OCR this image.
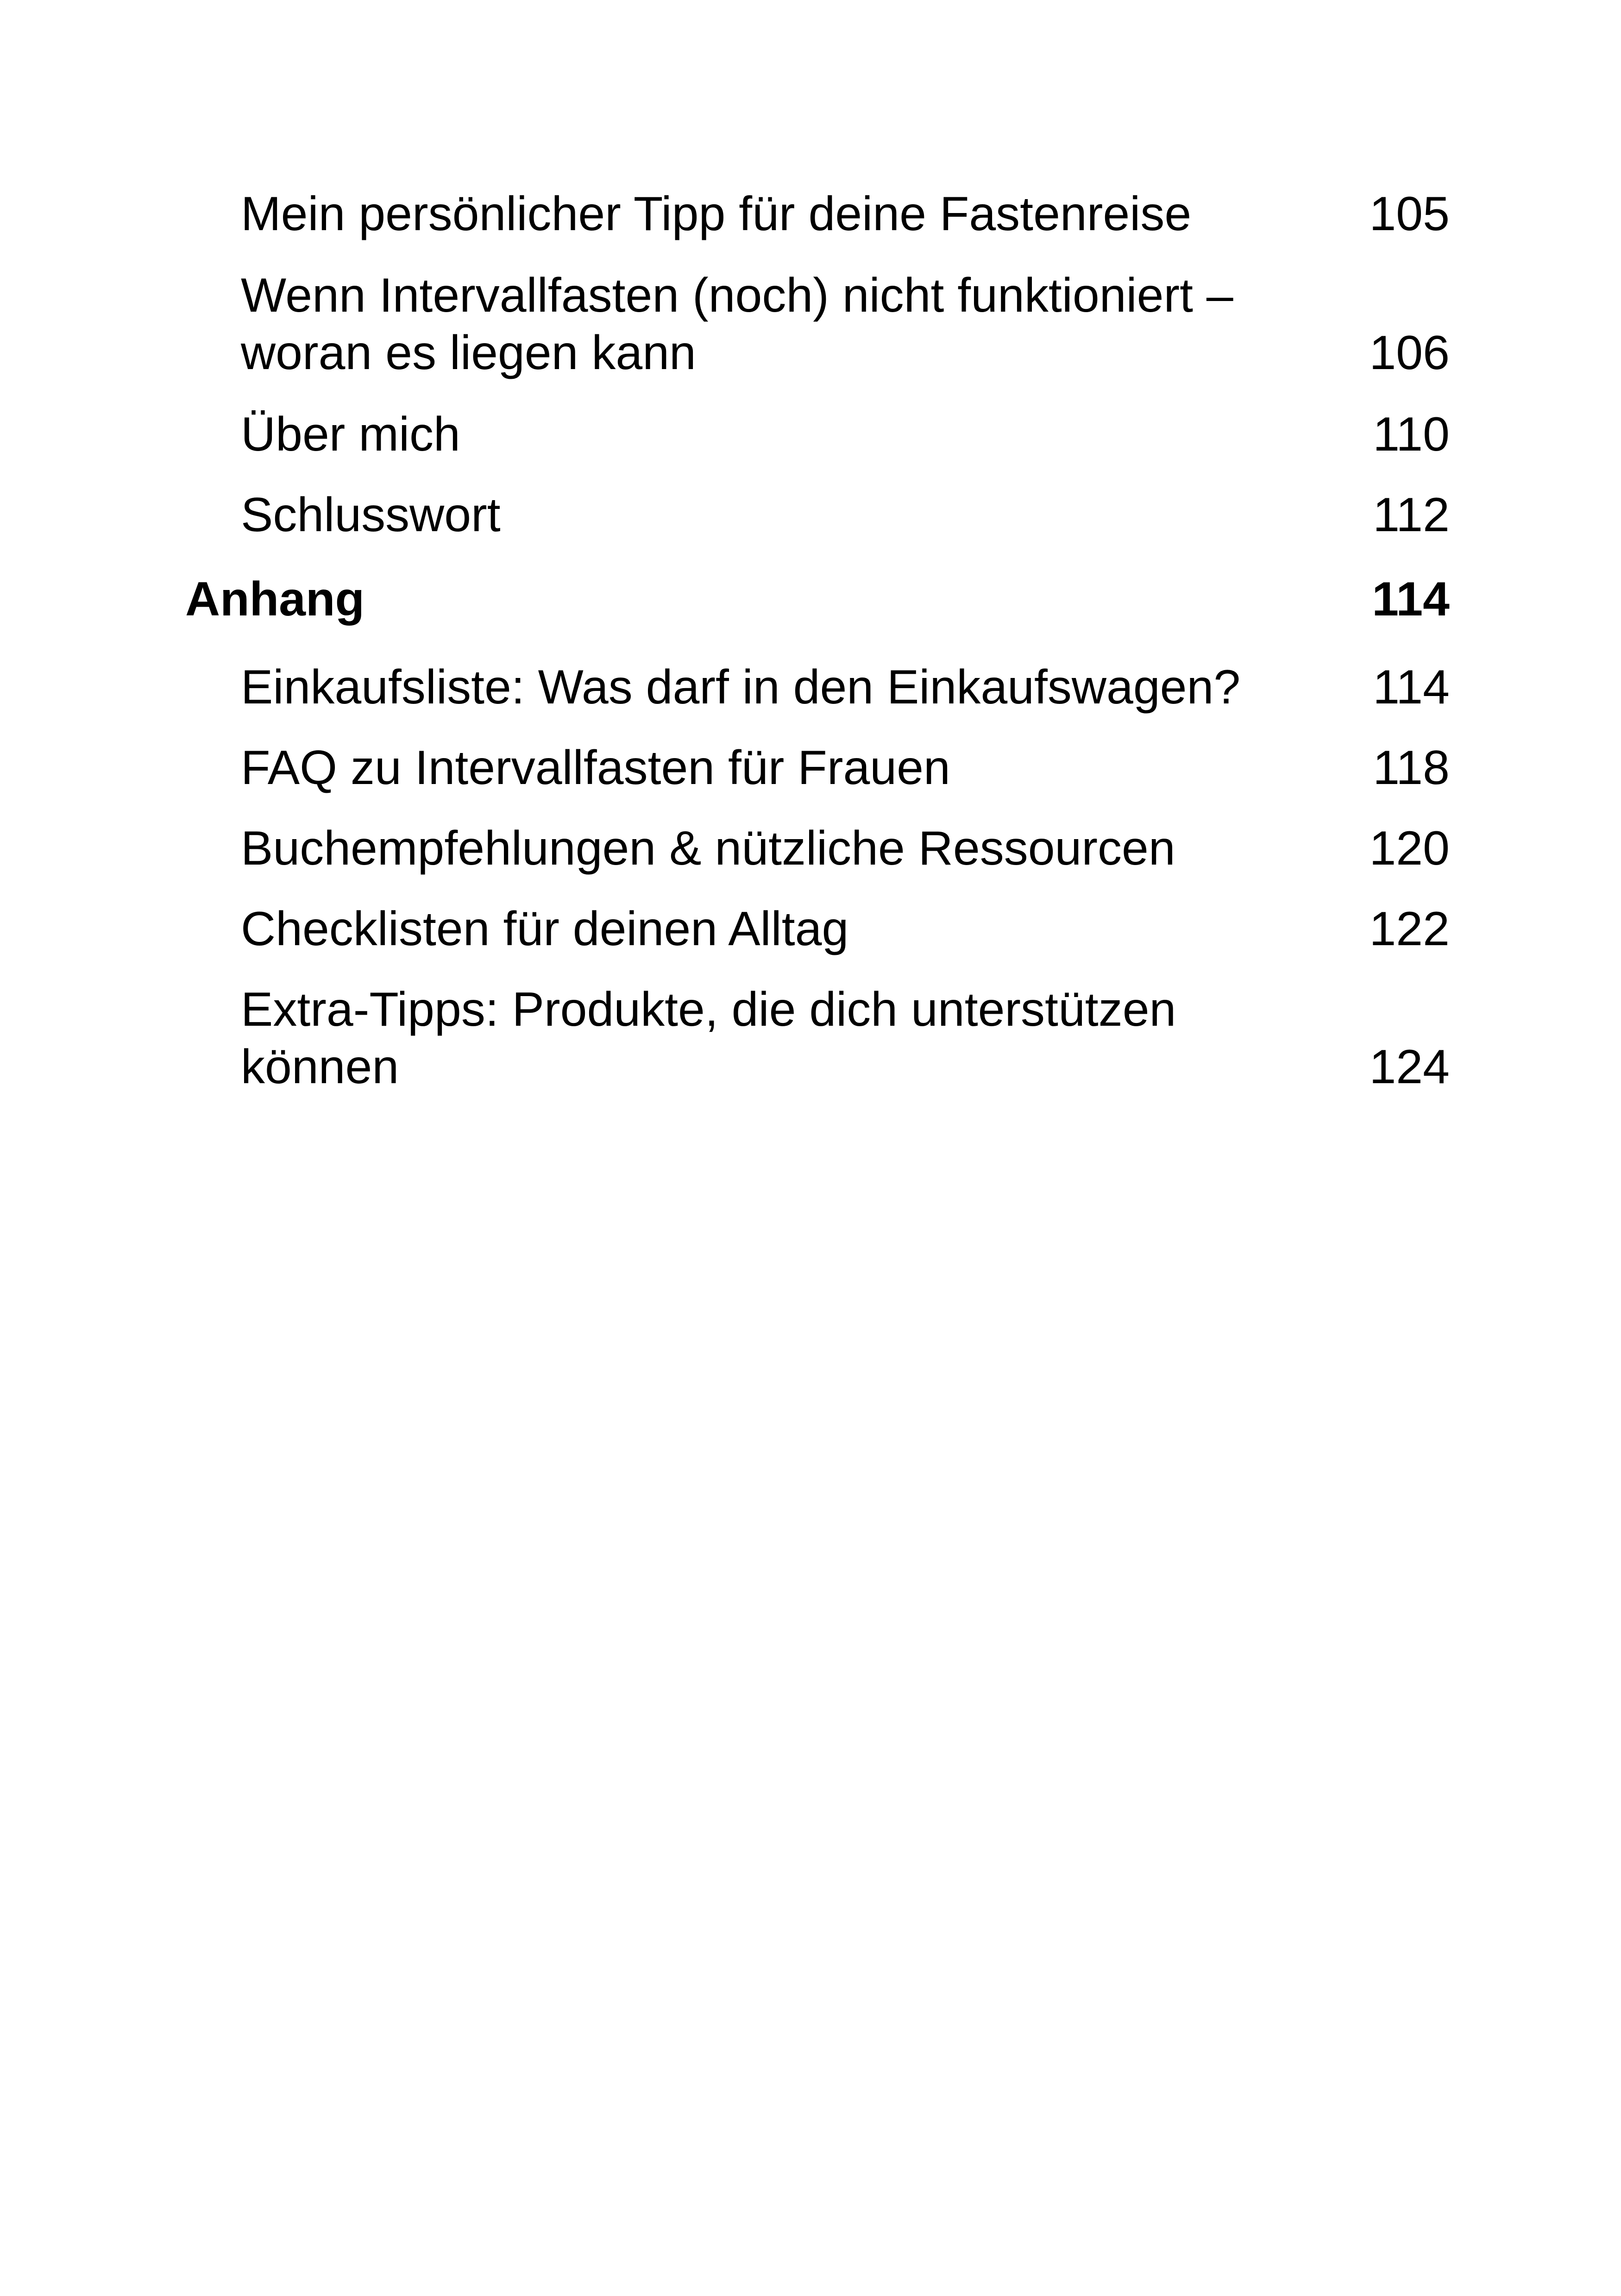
Mein persönlicher Tipp für deine Fastenreise	105
Wenn Intervallfasten (noch) nicht funktioniert –
woran es liegen kann	106
Über mich	110
Schlusswort	112
Anhang	114
Einkaufsliste: Was darf in den Einkaufswagen?	114
FAQ zu Intervallfasten für Frauen	118
Buchempfehlungen & nützliche Ressourcen	120
Checklisten für deinen Alltag	122
Extra-Tipps: Produkte, die dich unterstützen
können	124
